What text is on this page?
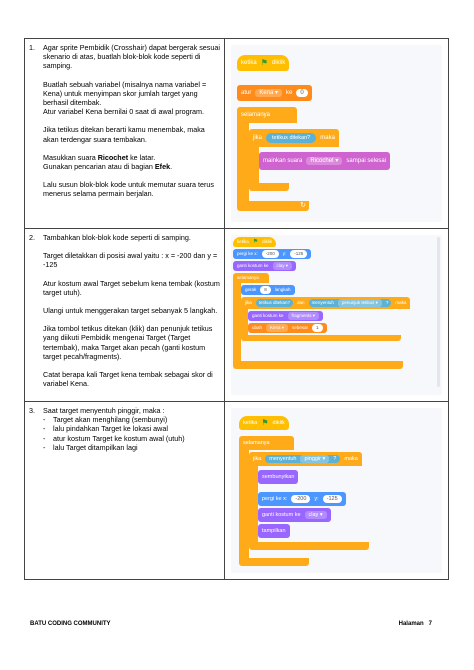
1.	Agar sprite Pembidik (Crosshair) dapat bergerak sesuai skenario di atas, buatlah blok-blok kode seperti di samping.

Buatlah sebuah variabel (misalnya nama variabel = Kena) untuk menyimpan skor jumlah target yang berhasil ditembak.

Atur variabel Kena bernilai 0 saat di awal program.

Jika tetikus ditekan berarti kamu menembak, maka akan terdengar suara tembakan.

Masukkan suara Ricochet ke latar.

Gunakan pencarian atau di bagian Efek.

Lalu susun blok-blok kode untuk memutar suara terus menerus selama permain berjalan.

ketika ⚑ diklik
atur	Kena ▾	ke	0
selamanya
jika	tetikus ditekan?	maka
mainkan suara	Ricochet ▾	sampai selesai
↻
2.	Tambahkan blok-blok kode seperti di samping.

Target diletakkan di posisi awal yaitu : x = -200 dan y = -125

Atur kostum awal Target sebelum kena tembak (kostum target utuh).

Ulangi untuk menggerakan target sebanyak 5 langkah.

Jika tombol tetikus ditekan (klik) dan penunjuk tetikus yang diikuti Pembidik mengenai Target (Target tertembak), maka Target akan pecah (ganti kostum target pecah/fragments).

Catat berapa kali Target kena tembak sebagai skor di variabel Kena.

ketika ⚑ diklik
pergi ke x:	-200	y:	-125
ganti kostum ke	clay ▾
selamanya
gerak	8	langkah
jika	tetikus ditekan?	dan menyentuh	penunjuk tetikus ▾	? maka
ganti kostum ke	fragments ▾
ubah	Kena ▾	sebesar	1
3.	Saat target menyentuh pinggir, maka :

-	Target akan menghilang (sembunyi)
-	lalu pindahkan Target ke lokasi awal
-	atur kostum Target ke kostum awal (utuh)
-	lalu Target ditampilkan lagi
ketika ⚑ diklik
selamanya
jika menyentuh	pinggir ▾	? maka
sembunyikan
pergi ke x:	-200	y:	-125
ganti kostum ke	clay ▾
tampilkan
BATU CODING COMMUNITY	Halaman   7
